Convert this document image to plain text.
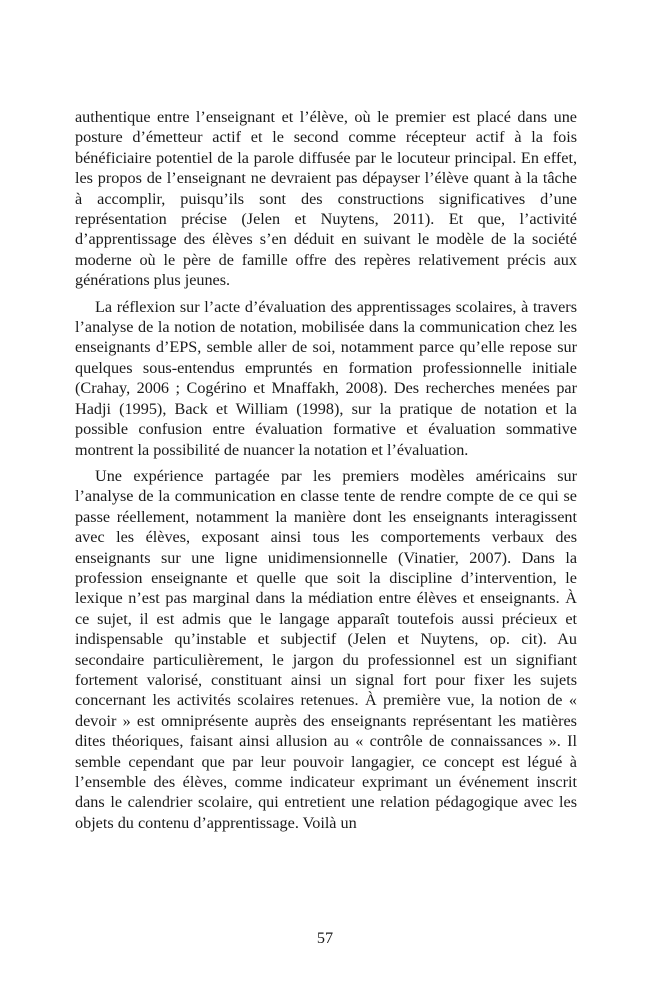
authentique entre l’enseignant et l’élève, où le premier est placé dans une posture d’émetteur actif et le second comme récepteur actif à la fois bénéficiaire potentiel de la parole diffusée par le locuteur principal. En effet, les propos de l’enseignant ne devraient pas dépayser l’élève quant à la tâche à accomplir, puisqu’ils sont des constructions significatives d’une représentation précise (Jelen et Nuytens, 2011). Et que, l’activité d’apprentissage des élèves s’en déduit en suivant le modèle de la société moderne où le père de famille offre des repères relativement précis aux générations plus jeunes.

La réflexion sur l’acte d’évaluation des apprentissages scolaires, à travers l’analyse de la notion de notation, mobilisée dans la communication chez les enseignants d’EPS, semble aller de soi, notamment parce qu’elle repose sur quelques sous-entendus empruntés en formation professionnelle initiale (Crahay, 2006 ; Cogérino et Mnaffakh, 2008). Des recherches menées par Hadji (1995), Back et William (1998), sur la pratique de notation et la possible confusion entre évaluation formative et évaluation sommative montrent la possibilité de nuancer la notation et l’évaluation.

Une expérience partagée par les premiers modèles américains sur l’analyse de la communication en classe tente de rendre compte de ce qui se passe réellement, notamment la manière dont les enseignants interagissent avec les élèves, exposant ainsi tous les comportements verbaux des enseignants sur une ligne unidimensionnelle (Vinatier, 2007). Dans la profession enseignante et quelle que soit la discipline d’intervention, le lexique n’est pas marginal dans la médiation entre élèves et enseignants. À ce sujet, il est admis que le langage apparaît toutefois aussi précieux et indispensable qu’instable et subjectif (Jelen et Nuytens, op. cit). Au secondaire particulièrement, le jargon du professionnel est un signifiant fortement valorisé, constituant ainsi un signal fort pour fixer les sujets concernant les activités scolaires retenues. À première vue, la notion de « devoir » est omniprésente auprès des enseignants représentant les matières dites théoriques, faisant ainsi allusion au « contrôle de connaissances ». Il semble cependant que par leur pouvoir langagier, ce concept est légué à l’ensemble des élèves, comme indicateur exprimant un événement inscrit dans le calendrier scolaire, qui entretient une relation pédagogique avec les objets du contenu d’apprentissage. Voilà un

57
